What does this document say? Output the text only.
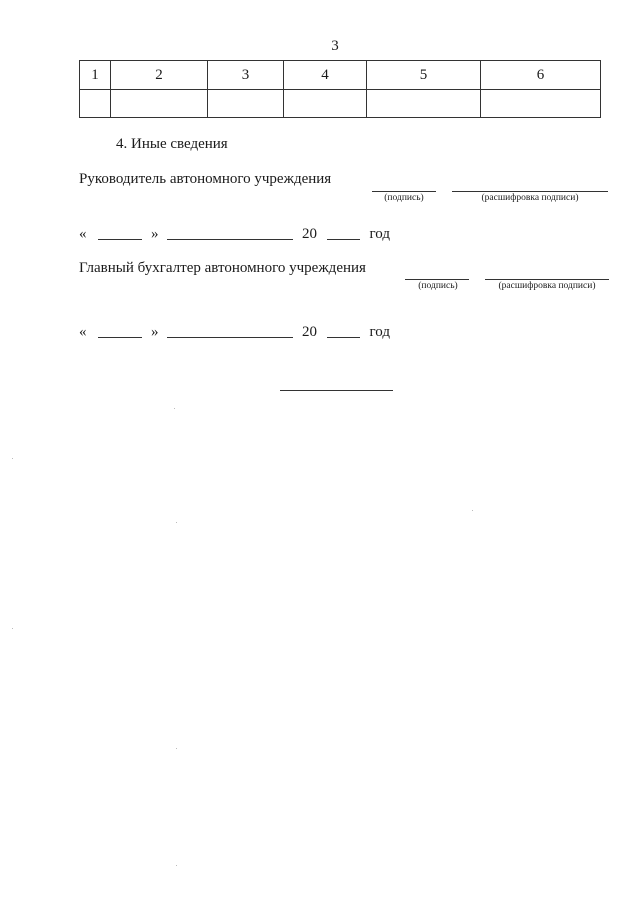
3
1	2	3	4	5	6

4. Иные сведения
Руководитель автономного учреждения
(подпись)	(расшифровка подписи)
«	»	20	год
Главный бухгалтер автономного учреждения
(подпись)	(расшифровка подписи)
«	»	20	год
